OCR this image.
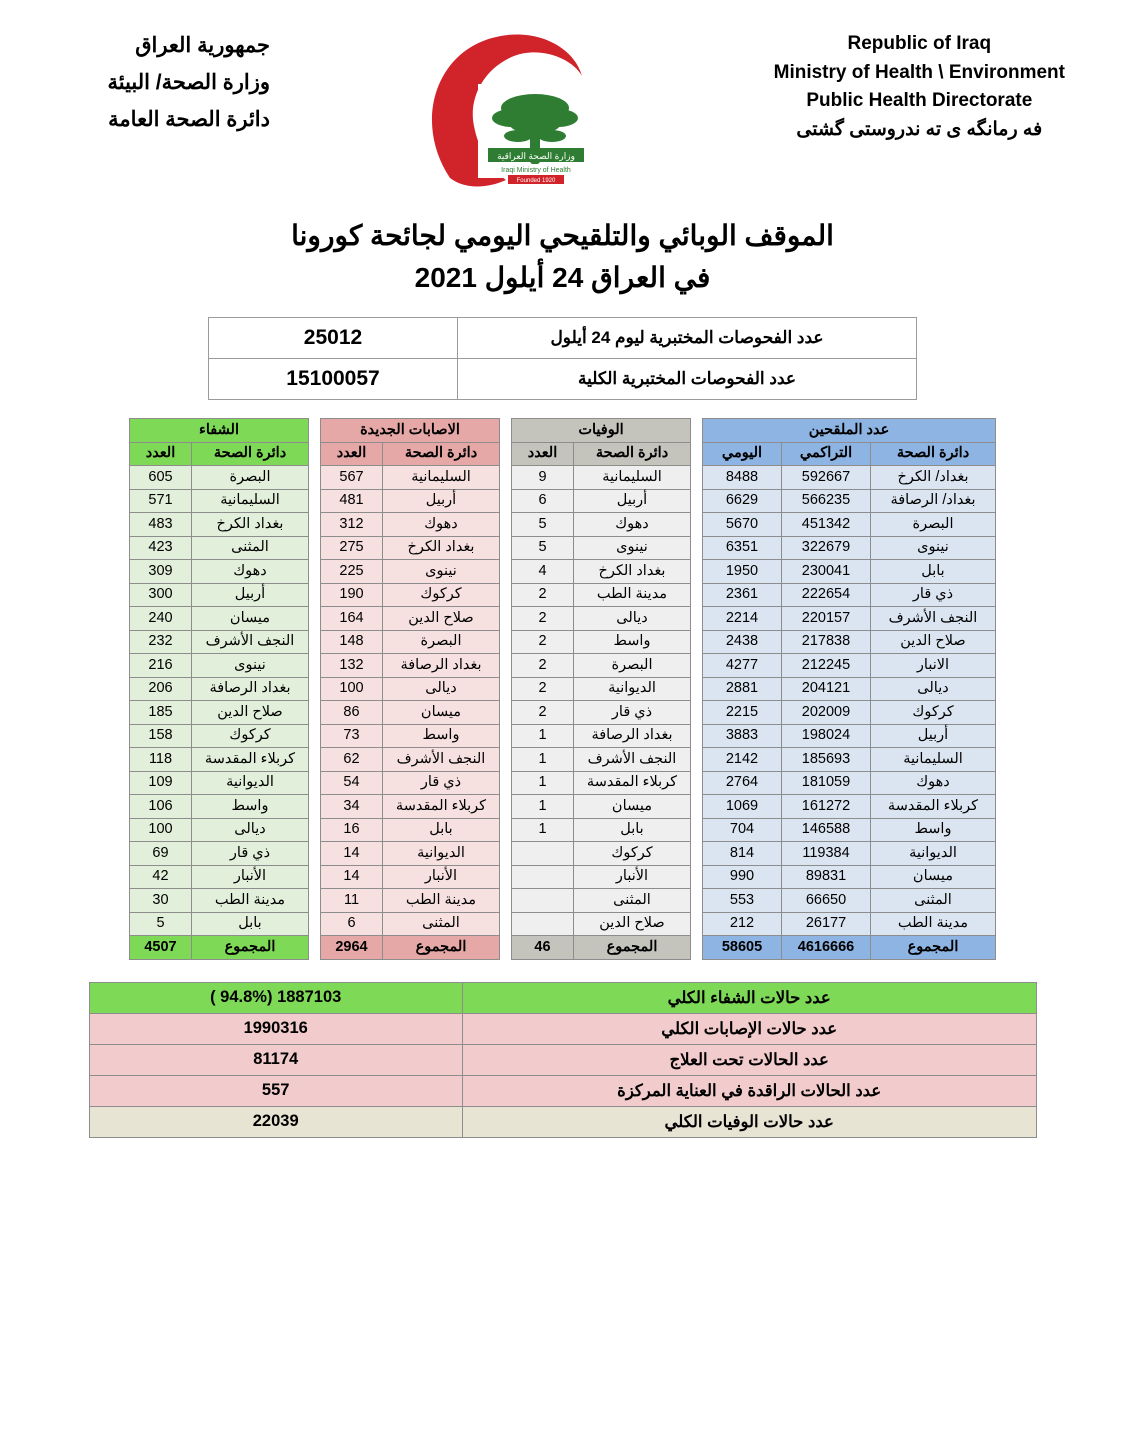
جمهورية العراق
وزارة الصحة/ البيئة
دائرة الصحة العامة
وزارة الصحة العراقية
Iraqi Ministry of Health
Founded 1920
Republic of Iraq
Ministry of Health \ Environment
Public Health Directorate
فه رمانگه ى ته ندروستى گشتى
الموقف الوبائي والتلقيحي اليومي لجائحة كورونا
في العراق 24 أيلول 2021
عدد الفحوصات المختبرية ليوم 24 أيلول	25012
عدد الفحوصات المختبرية الكلية	15100057
عدد الملقحين		
دائرة الصحة	التراكمي	اليومي
بغداد/ الكرخ	592667	8488
بغداد/ الرصافة	566235	6629
البصرة	451342	5670
نينوى	322679	6351
بابل	230041	1950
ذي قار	222654	2361
النجف الأشرف	220157	2214
صلاح الدين	217838	2438
الانبار	212245	4277
ديالى	204121	2881
كركوك	202009	2215
أربيل	198024	3883
السليمانية	185693	2142
دهوك	181059	2764
كربلاء المقدسة	161272	1069
واسط	146588	704
الديوانية	119384	814
ميسان	89831	990
المثنى	66650	553
مدينة الطب	26177	212
المجموع	4616666	58605
الوفيات	
دائرة الصحة	العدد
السليمانية	9
أربيل	6
دهوك	5
نينوى	5
بغداد الكرخ	4
مدينة الطب	2
ديالى	2
واسط	2
البصرة	2
الديوانية	2
ذي قار	2
بغداد الرصافة	1
النجف الأشرف	1
كربلاء المقدسة	1
ميسان	1
بابل	1
كركوك	
الأنبار	
المثنى	
صلاح الدين	
المجموع	46
الاصابات الجديدة	
دائرة الصحة	العدد
السليمانية	567
أربيل	481
دهوك	312
بغداد الكرخ	275
نينوى	225
كركوك	190
صلاح الدين	164
البصرة	148
بغداد الرصافة	132
ديالى	100
ميسان	86
واسط	73
النجف الأشرف	62
ذي قار	54
كربلاء المقدسة	34
بابل	16
الديوانية	14
الأنبار	14
مدينة الطب	11
المثنى	6
المجموع	2964
الشفاء	
دائرة الصحة	العدد
البصرة	605
السليمانية	571
بغداد الكرخ	483
المثنى	423
دهوك	309
أربيل	300
ميسان	240
النجف الأشرف	232
نينوى	216
بغداد الرصافة	206
صلاح الدين	185
كركوك	158
كربلاء المقدسة	118
الديوانية	109
واسط	106
ديالى	100
ذي قار	69
الأنبار	42
مدينة الطب	30
بابل	5
المجموع	4507
عدد حالات الشفاء الكلي	1887103 (94.8% )
عدد حالات الإصابات الكلي	1990316
عدد الحالات تحت العلاج	81174
عدد الحالات الراقدة في العناية المركزة	557
عدد حالات الوفيات الكلي	22039
